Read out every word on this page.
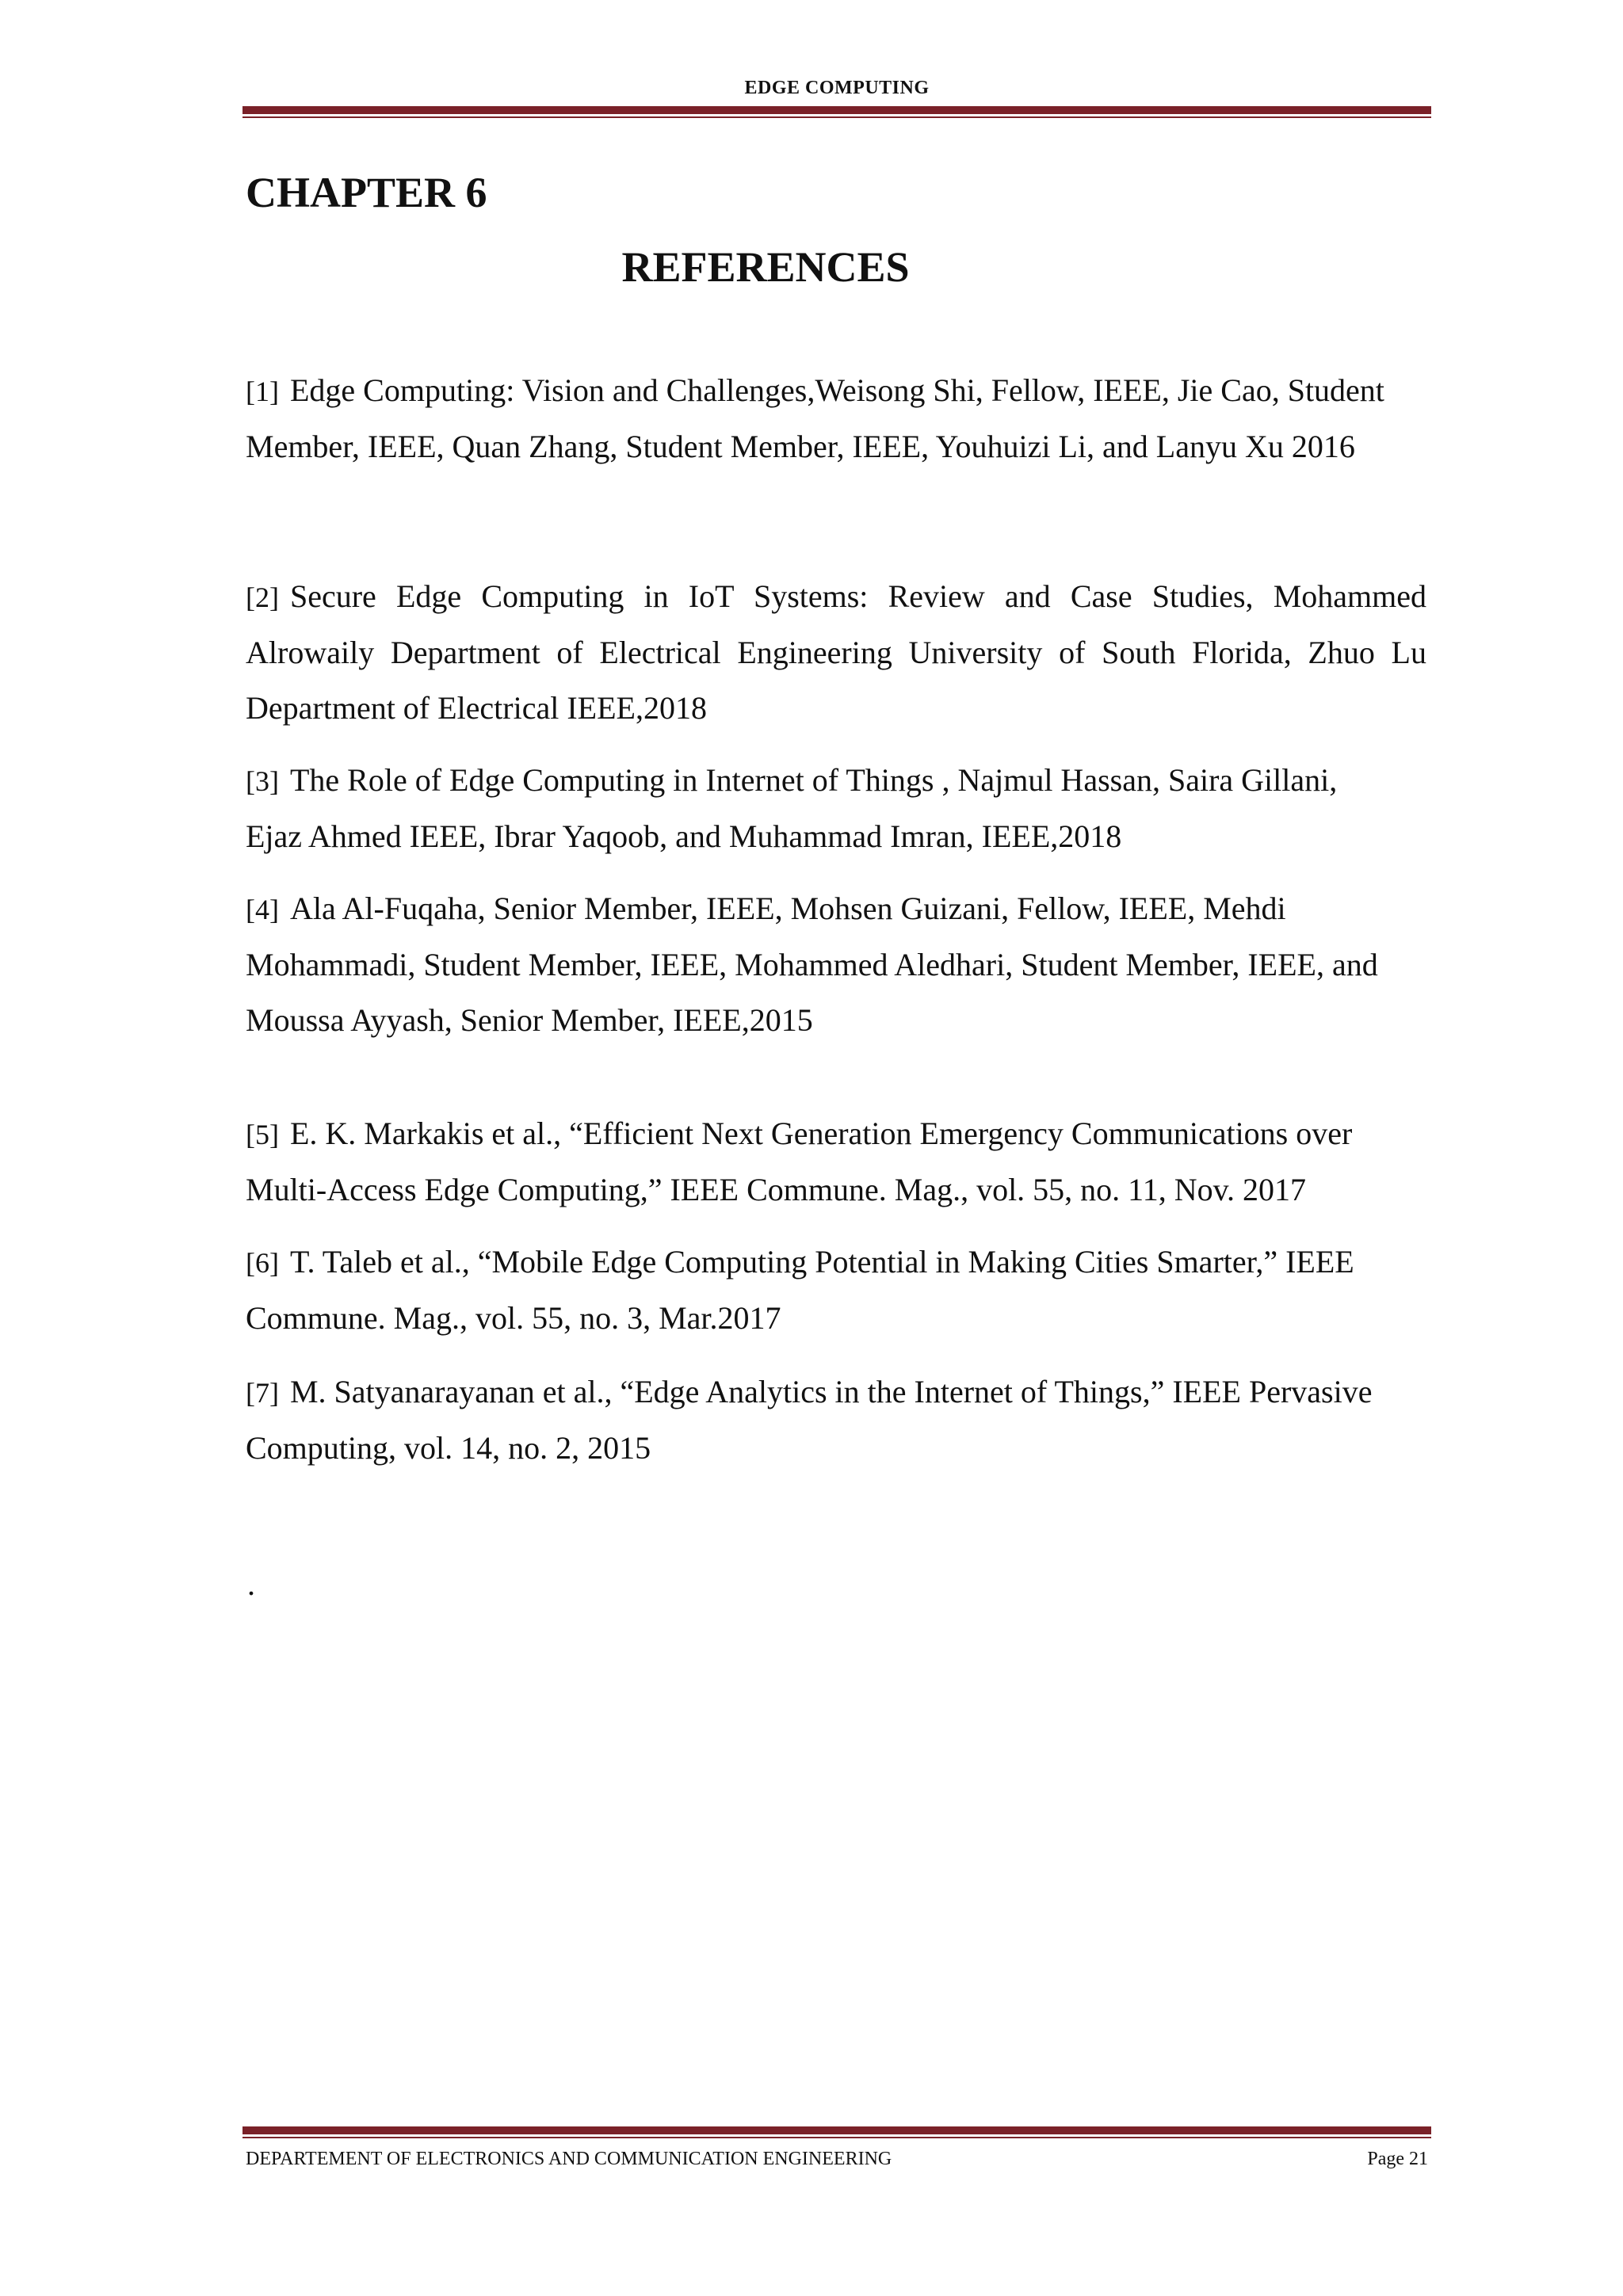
EDGE COMPUTING
CHAPTER 6
REFERENCES
[1] Edge Computing: Vision and Challenges,Weisong Shi, Fellow, IEEE, Jie Cao, Student Member, IEEE, Quan Zhang, Student Member, IEEE, Youhuizi Li, and Lanyu Xu 2016
[2] Secure Edge Computing in IoT Systems: Review and Case Studies, Mohammed Alrowaily Department of Electrical Engineering University of South Florida, Zhuo Lu Department of Electrical IEEE,2018
[3] The Role of Edge Computing in Internet of Things , Najmul Hassan, Saira Gillani, Ejaz Ahmed IEEE, Ibrar Yaqoob, and Muhammad Imran, IEEE,2018
[4] Ala Al-Fuqaha, Senior Member, IEEE, Mohsen Guizani, Fellow, IEEE, Mehdi Mohammadi, Student Member, IEEE, Mohammed Aledhari, Student Member, IEEE, and Moussa Ayyash, Senior Member, IEEE,2015
[5] E. K. Markakis et al., “Efficient Next Generation Emergency Communications over Multi-Access Edge Computing,” IEEE Commune. Mag., vol. 55, no. 11, Nov. 2017
[6] T. Taleb et al., “Mobile Edge Computing Potential in Making Cities Smarter,” IEEE Commune. Mag., vol. 55, no. 3, Mar.2017
[7] M. Satyanarayanan et al., “Edge Analytics in the Internet of Things,” IEEE Pervasive Computing, vol. 14, no. 2, 2015
.
DEPARTEMENT OF ELECTRONICS AND COMMUNICATION ENGINEERING	Page 21
